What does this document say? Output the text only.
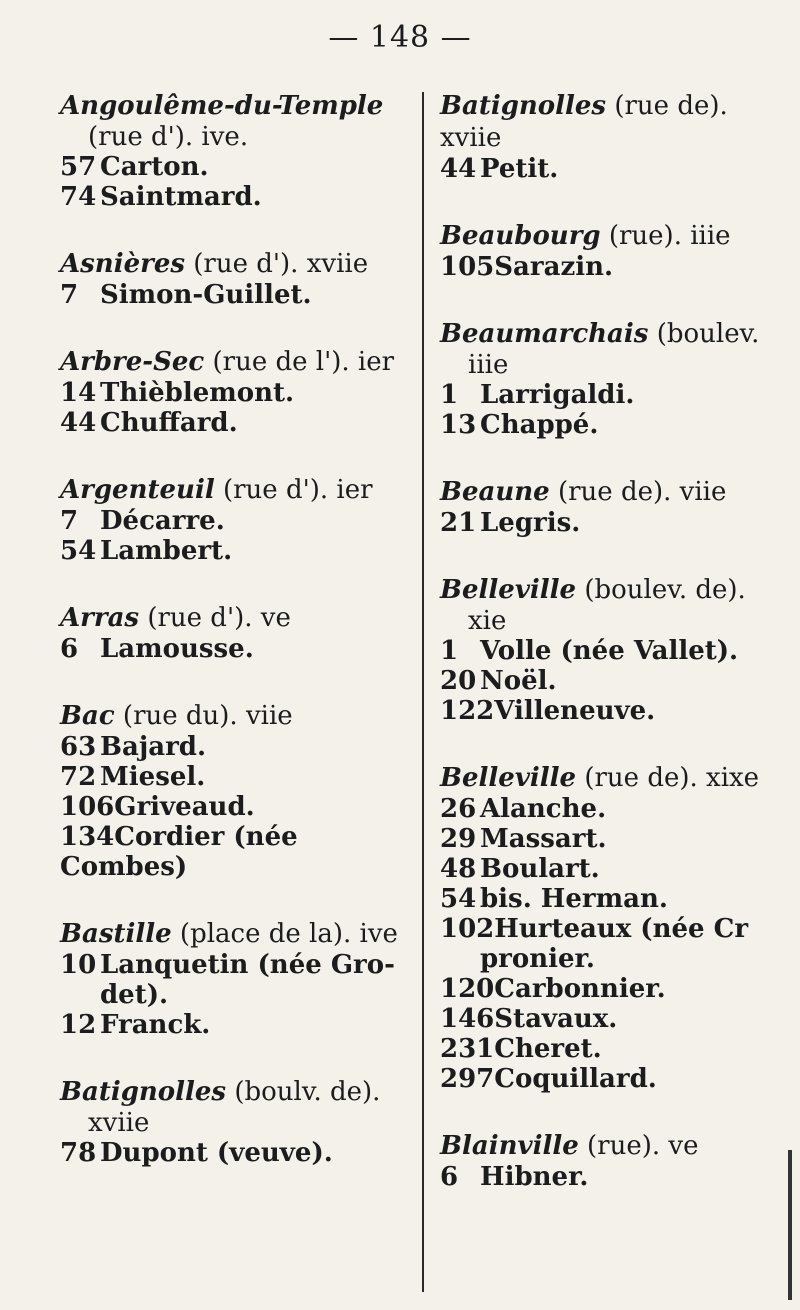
— 148 —
Angoulême-du-Temple
(rue d'). ive.
57 Carton.
74 Saintmard.
Asnières (rue d'). xviie
7 Simon-Guillet.
Arbre-Sec (rue de l'). ier
14 Thièblemont.
44 Chuffard.
Argenteuil (rue d'). ier
7 Décarre.
54 Lambert.
Arras (rue d'). ve
6 Lamousse.
Bac (rue du). viie
63 Bajard.
72 Miesel.
106Griveaud.
134Cordier (née Combes)
Bastille (place de la). ive
10 Lanquetin (née Gro-
det).
12 Franck.
Batignolles (boulv. de).
xviie
78 Dupont (veuve).
Batignolles (rue de). xviie
44 Petit.
Beaubourg (rue). iiie
105Sarazin.
Beaumarchais (boulev.
iiie
1 Larrigaldi.
13 Chappé.
Beaune (rue de). viie
21 Legris.
Belleville (boulev. de).
xie
1 Volle (née Vallet).
20 Noël.
122Villeneuve.
Belleville (rue de). xixe
26 Alanche.
29 Massart.
48 Boulart.
54 bis. Herman.
102Hurteaux (née Cr
pronier.
120Carbonnier.
146Stavaux.
231Cheret.
297Coquillard.
Blainville (rue). ve
6 Hibner.
